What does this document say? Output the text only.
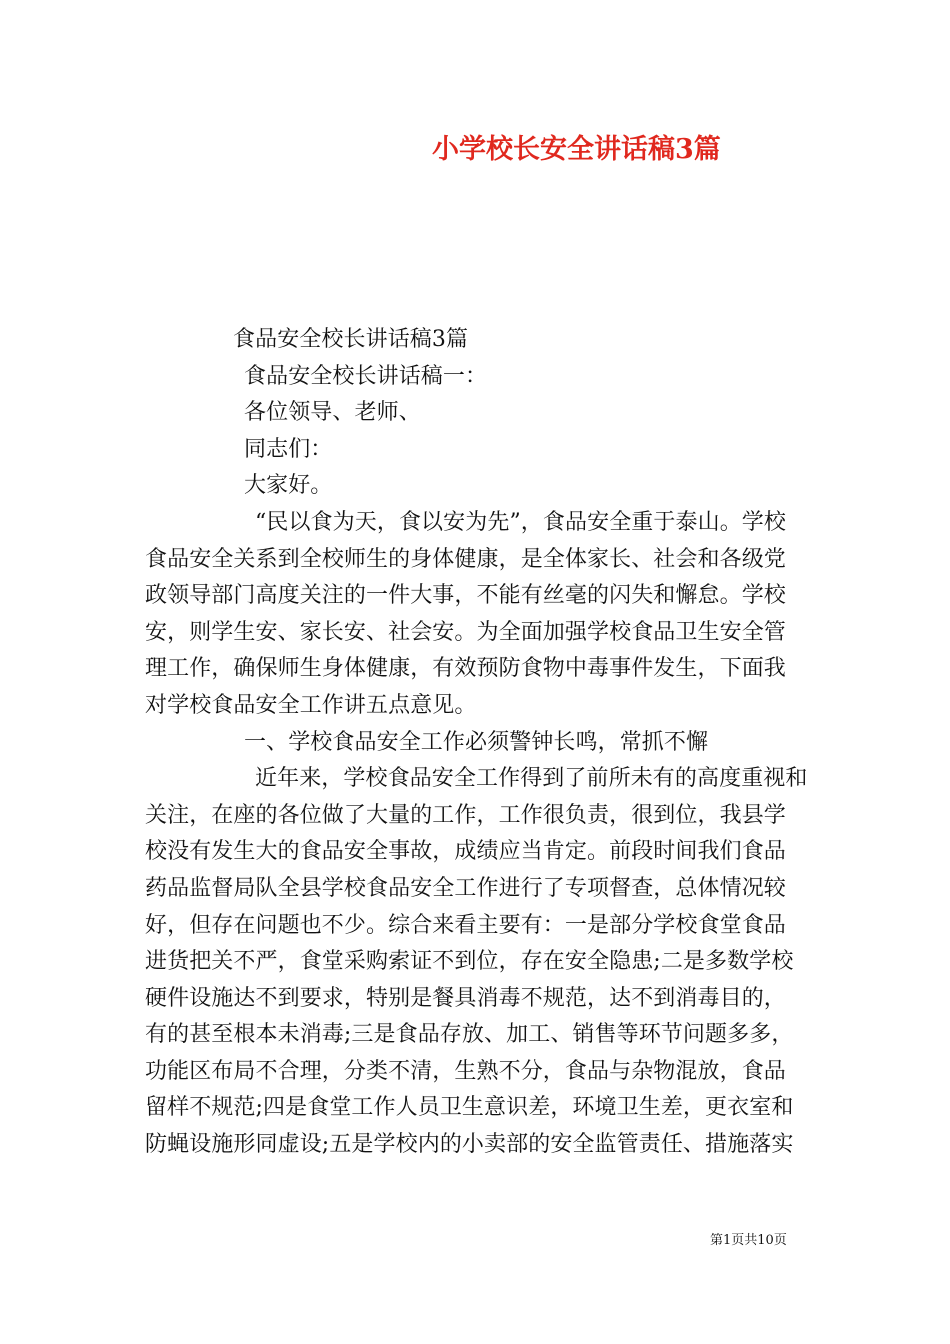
小学校长安全讲话稿3篇

食品安全校长讲话稿3篇

食品安全校长讲话稿一：

各位领导、老师、

同志们：

大家好。

“民以食为天，食以安为先”，食品安全重于泰山。学校

食品安全关系到全校师生的身体健康，是全体家长、社会和各级党

政领导部门高度关注的一件大事，不能有丝毫的闪失和懈怠。学校

安，则学生安、家长安、社会安。为全面加强学校食品卫生安全管

理工作，确保师生身体健康，有效预防食物中毒事件发生，下面我

对学校食品安全工作讲五点意见。

一、学校食品安全工作必须警钟长鸣，常抓不懈

近年来，学校食品安全工作得到了前所未有的高度重视和

关注，在座的各位做了大量的工作，工作很负责，很到位，我县学

校没有发生大的食品安全事故，成绩应当肯定。前段时间我们食品

药品监督局队全县学校食品安全工作进行了专项督查，总体情况较

好，但存在问题也不少。综合来看主要有：一是部分学校食堂食品

进货把关不严，食堂采购索证不到位，存在安全隐患;二是多数学校

硬件设施达不到要求，特别是餐具消毒不规范，达不到消毒目的，

有的甚至根本未消毒;三是食品存放、加工、销售等环节问题多多，

功能区布局不合理，分类不清，生熟不分，食品与杂物混放，食品

留样不规范;四是食堂工作人员卫生意识差，环境卫生差，更衣室和

防蝇设施形同虚设;五是学校内的小卖部的安全监管责任、措施落实

第1页共10页
